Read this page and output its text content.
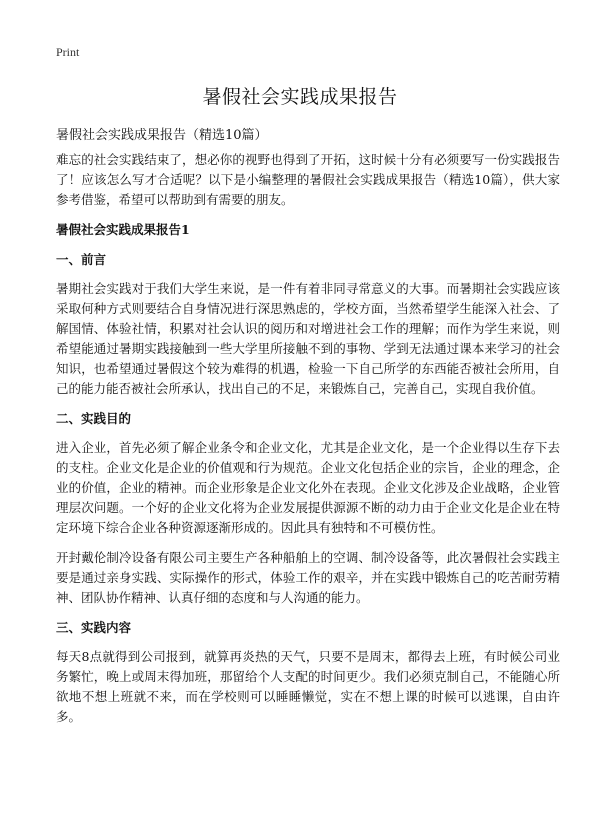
Print
暑假社会实践成果报告

暑假社会实践成果报告（精选10篇）

难忘的社会实践结束了，想必你的视野也得到了开拓，这时候十分有必须要写一份实践报告了！应该怎么写才合适呢？以下是小编整理的暑假社会实践成果报告（精选10篇），供大家参考借鉴，希望可以帮助到有需要的朋友。

暑假社会实践成果报告1
一、前言

暑期社会实践对于我们大学生来说，是一件有着非同寻常意义的大事。而暑期社会实践应该采取何种方式则要结合自身情况进行深思熟虑的，学校方面，当然希望学生能深入社会、了解国情、体验社情，积累对社会认识的阅历和对增进社会工作的理解；而作为学生来说，则希望能通过暑期实践接触到一些大学里所接触不到的事物、学到无法通过课本来学习的社会知识，也希望通过暑假这个较为难得的机遇，检验一下自己所学的东西能否被社会所用，自己的能力能否被社会所承认，找出自己的不足，来锻炼自己，完善自己，实现自我价值。

二、实践目的

进入企业，首先必须了解企业条令和企业文化，尤其是企业文化，是一个企业得以生存下去的支柱。企业文化是企业的价值观和行为规范。企业文化包括企业的宗旨，企业的理念，企业的价值，企业的精神。而企业形象是企业文化外在表现。企业文化涉及企业战略，企业管理层次问题。一个好的企业文化将为企业发展提供源源不断的动力由于企业文化是企业在特定环境下综合企业各种资源逐渐形成的。因此具有独特和不可模仿性。

开封戴伦制冷设备有限公司主要生产各种船舶上的空调、制冷设备等，此次暑假社会实践主要是通过亲身实践、实际操作的形式，体验工作的艰辛，并在实践中锻炼自己的吃苦耐劳精神、团队协作精神、认真仔细的态度和与人沟通的能力。

三、实践内容

每天8点就得到公司报到，就算再炎热的天气，只要不是周末，都得去上班，有时候公司业务繁忙，晚上或周末得加班，那留给个人支配的时间更少。我们必须克制自己，不能随心所欲地不想上班就不来，而在学校则可以睡睡懒觉，实在不想上课的时候可以逃课，自由许多。
